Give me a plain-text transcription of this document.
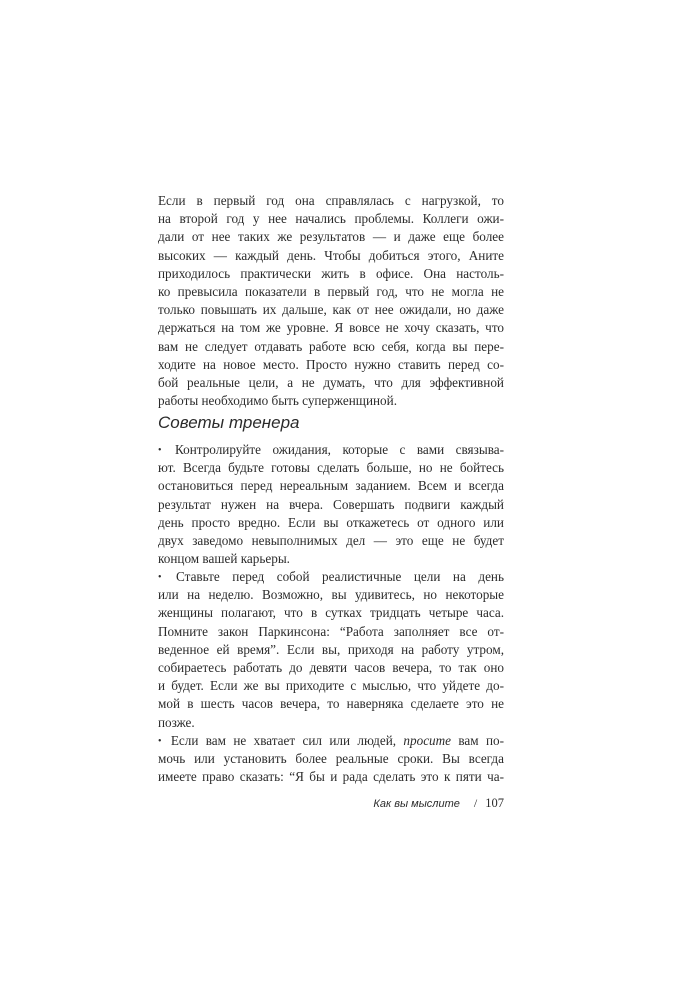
Если в первый год она справлялась с нагрузкой, то
на второй год у нее начались проблемы. Коллеги ожи-
дали от нее таких же результатов — и даже еще более
высоких — каждый день. Чтобы добиться этого, Аните
приходилось практически жить в офисе. Она настоль-
ко превысила показатели в первый год, что не могла не
только повышать их дальше, как от нее ожидали, но даже
держаться на том же уровне. Я вовсе не хочу сказать, что
вам не следует отдавать работе всю себя, когда вы пере-
ходите на новое место. Просто нужно ставить перед со-
бой реальные цели, а не думать, что для эффективной
работы необходимо быть суперженщиной.
Советы тренера
• Контролируйте ожидания, которые с вами связыва-
ют. Всегда будьте готовы сделать больше, но не бойтесь
остановиться перед нереальным заданием. Всем и всегда
результат нужен на вчера. Совершать подвиги каждый
день просто вредно. Если вы откажетесь от одного или
двух заведомо невыполнимых дел — это еще не будет
концом вашей карьеры.
• Ставьте перед собой реалистичные цели на день
или на неделю. Возможно, вы удивитесь, но некоторые
женщины полагают, что в сутках тридцать четыре часа.
Помните закон Паркинсона: “Работа заполняет все от-
веденное ей время”. Если вы, приходя на работу утром,
собираетесь работать до девяти часов вечера, то так оно
и будет. Если же вы приходите с мыслью, что уйдете до-
мой в шесть часов вечера, то наверняка сделаете это не
позже.
• Если вам не хватает сил или людей, просите вам по-
мочь или установить более реальные сроки. Вы всегда
имеете право сказать: “Я бы и рада сделать это к пяти ча-
Как вы мыслите / 107
